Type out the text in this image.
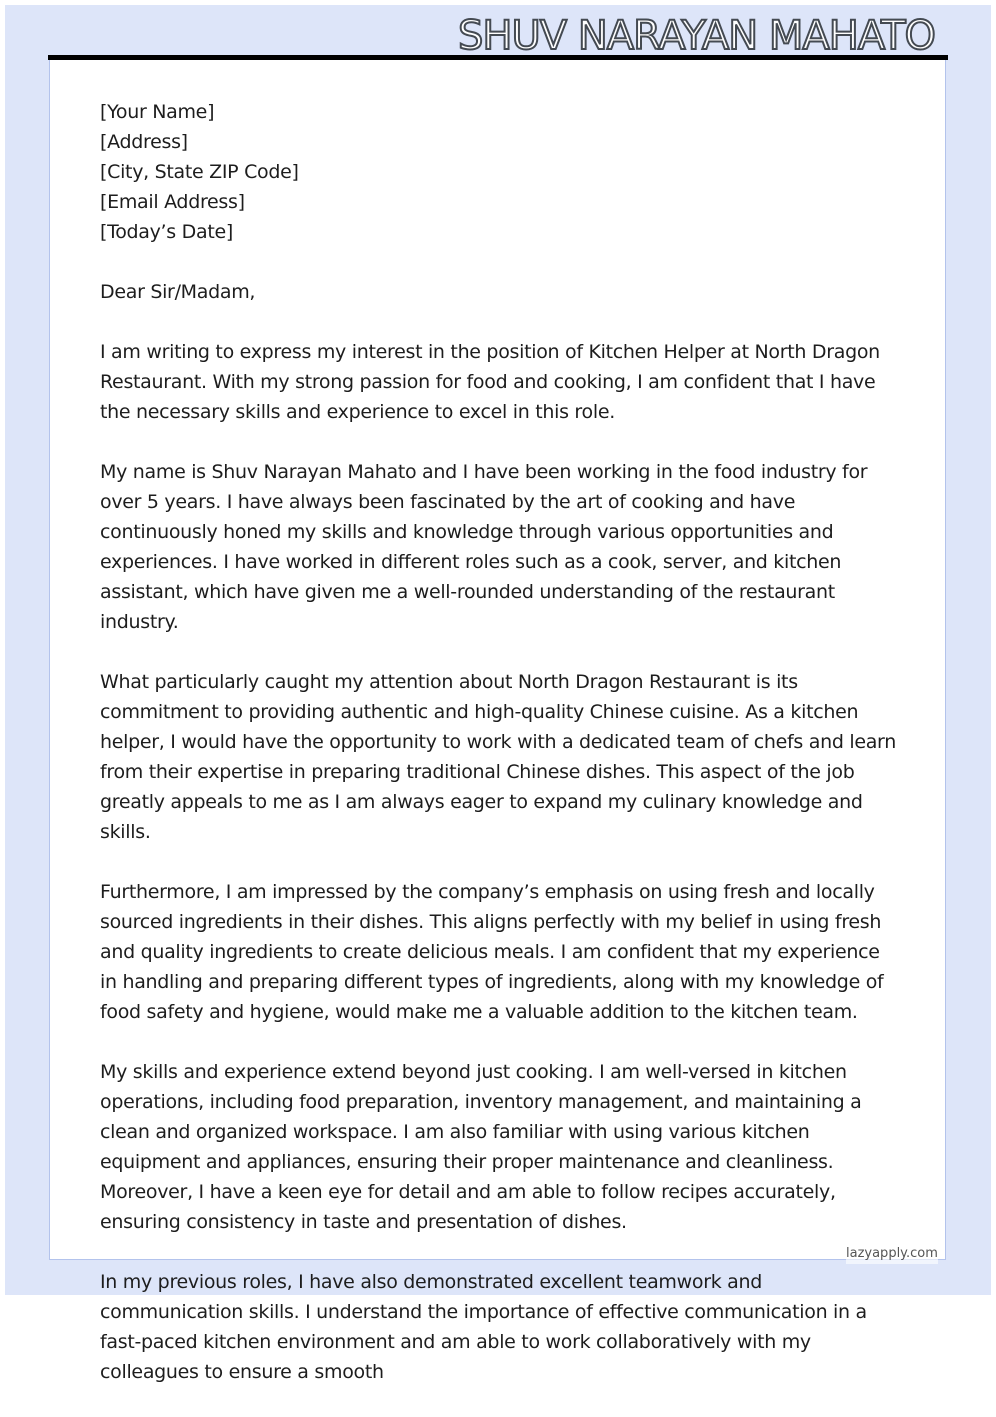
SHUV NARAYAN MAHATO

[Your Name]
[Address]
[City, State ZIP Code]
[Email Address]
[Today’s Date]

Dear Sir/Madam,

I am writing to express my interest in the position of Kitchen Helper at North Dragon Restaurant. With my strong passion for food and cooking, I am confident that I have the necessary skills and experience to excel in this role.

My name is Shuv Narayan Mahato and I have been working in the food industry for over 5 years. I have always been fascinated by the art of cooking and have continuously honed my skills and knowledge through various opportunities and experiences. I have worked in different roles such as a cook, server, and kitchen assistant, which have given me a well-rounded understanding of the restaurant industry.

What particularly caught my attention about North Dragon Restaurant is its commitment to providing authentic and high-quality Chinese cuisine. As a kitchen helper, I would have the opportunity to work with a dedicated team of chefs and learn from their expertise in preparing traditional Chinese dishes. This aspect of the job greatly appeals to me as I am always eager to expand my culinary knowledge and skills.

Furthermore, I am impressed by the company’s emphasis on using fresh and locally sourced ingredients in their dishes. This aligns perfectly with my belief in using fresh and quality ingredients to create delicious meals. I am confident that my experience in handling and preparing different types of ingredients, along with my knowledge of food safety and hygiene, would make me a valuable addition to the kitchen team.

My skills and experience extend beyond just cooking. I am well-versed in kitchen operations, including food preparation, inventory management, and maintaining a clean and organized workspace. I am also familiar with using various kitchen equipment and appliances, ensuring their proper maintenance and cleanliness. Moreover, I have a keen eye for detail and am able to follow recipes accurately, ensuring consistency in taste and presentation of dishes.

In my previous roles, I have also demonstrated excellent teamwork and communication skills. I understand the importance of effective communication in a fast-paced kitchen environment and am able to work collaboratively with my colleagues to ensure a smooth

lazyapply.com
